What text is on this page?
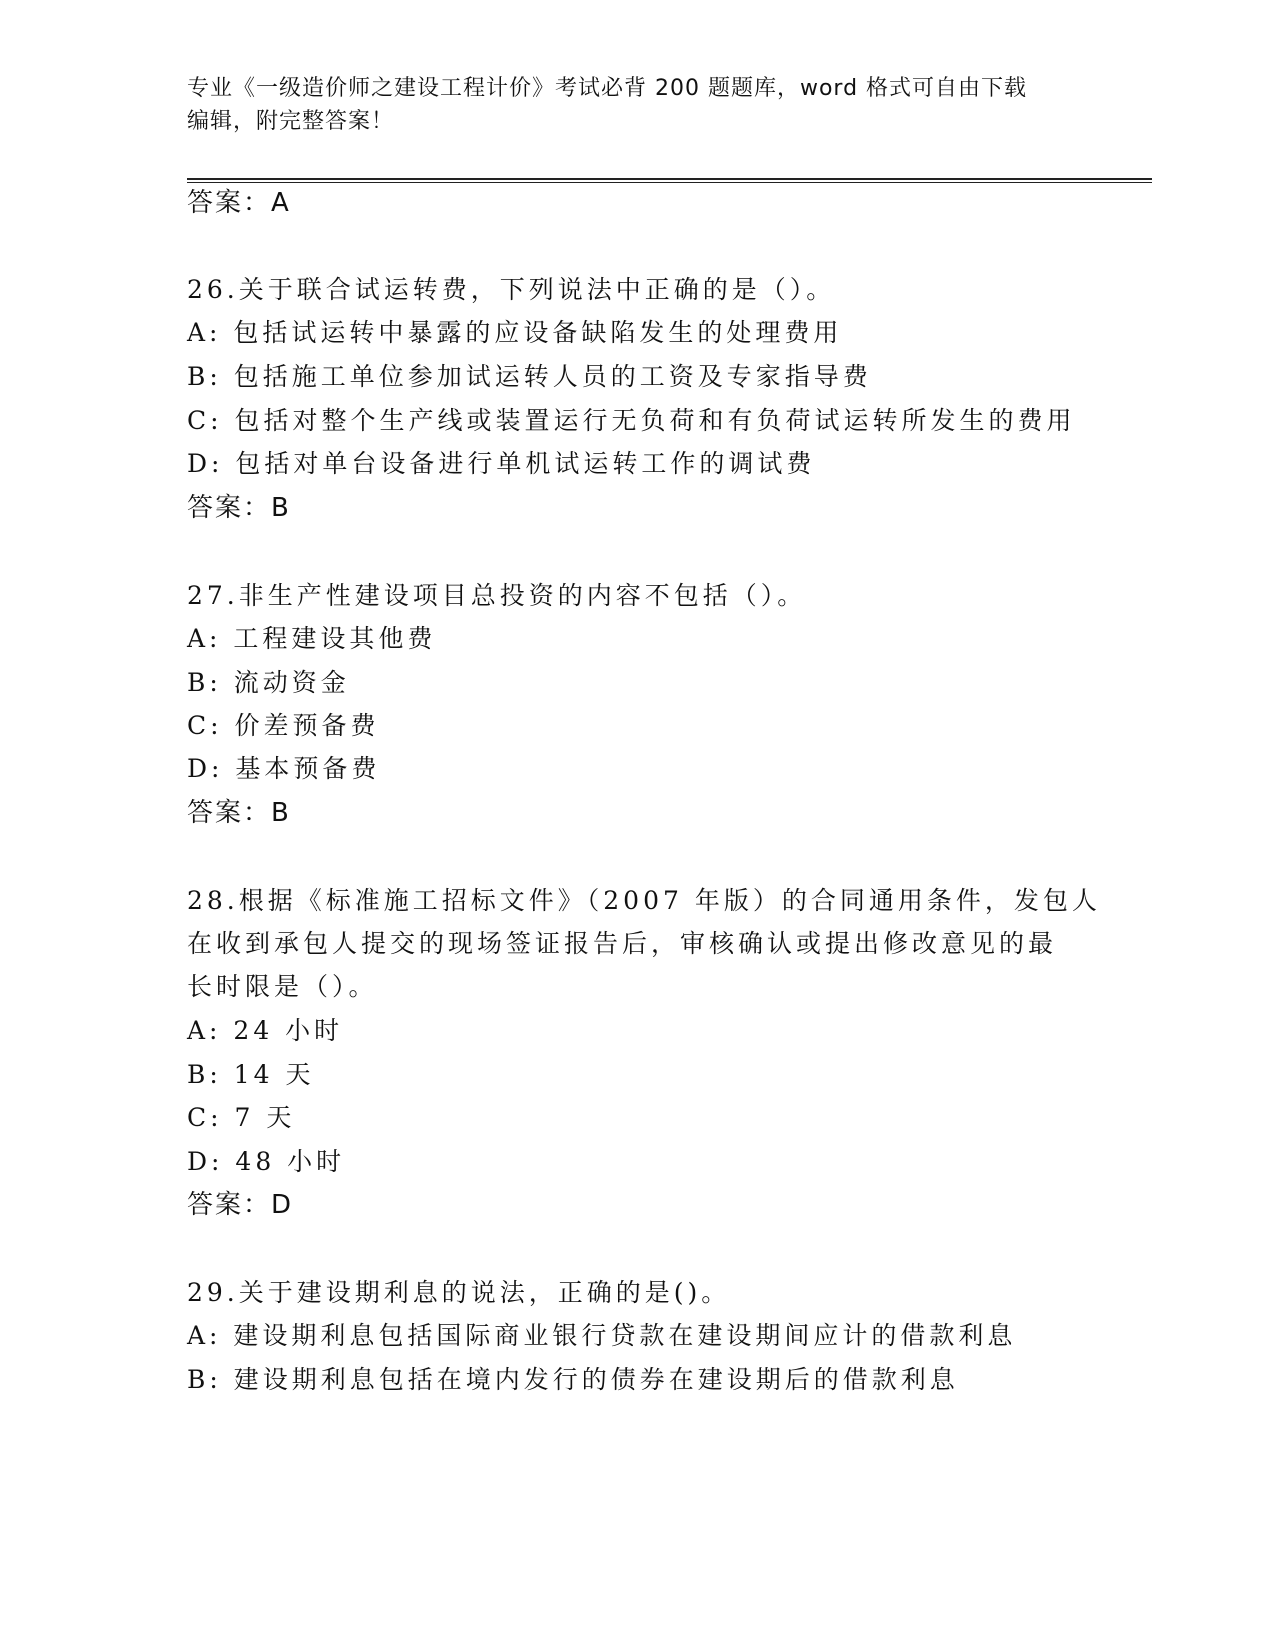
专业《一级造价师之建设工程计价》考试必背 200 题题库，word 格式可自由下载
编辑，附完整答案！
答案：A
26.关于联合试运转费，下列说法中正确的是（）。
A: 包括试运转中暴露的应设备缺陷发生的处理费用
B: 包括施工单位参加试运转人员的工资及专家指导费
C: 包括对整个生产线或装置运行无负荷和有负荷试运转所发生的费用
D: 包括对单台设备进行单机试运转工作的调试费
答案：B
27.非生产性建设项目总投资的内容不包括（）。
A: 工程建设其他费
B: 流动资金
C: 价差预备费
D: 基本预备费
答案：B
28.根据《标准施工招标文件》（2007 年版）的合同通用条件，发包人
在收到承包人提交的现场签证报告后，审核确认或提出修改意见的最
长时限是（）。
A: 24 小时
B: 14 天
C: 7 天
D: 48 小时
答案：D
29.关于建设期利息的说法，正确的是()。
A: 建设期利息包括国际商业银行贷款在建设期间应计的借款利息
B: 建设期利息包括在境内发行的债券在建设期后的借款利息
